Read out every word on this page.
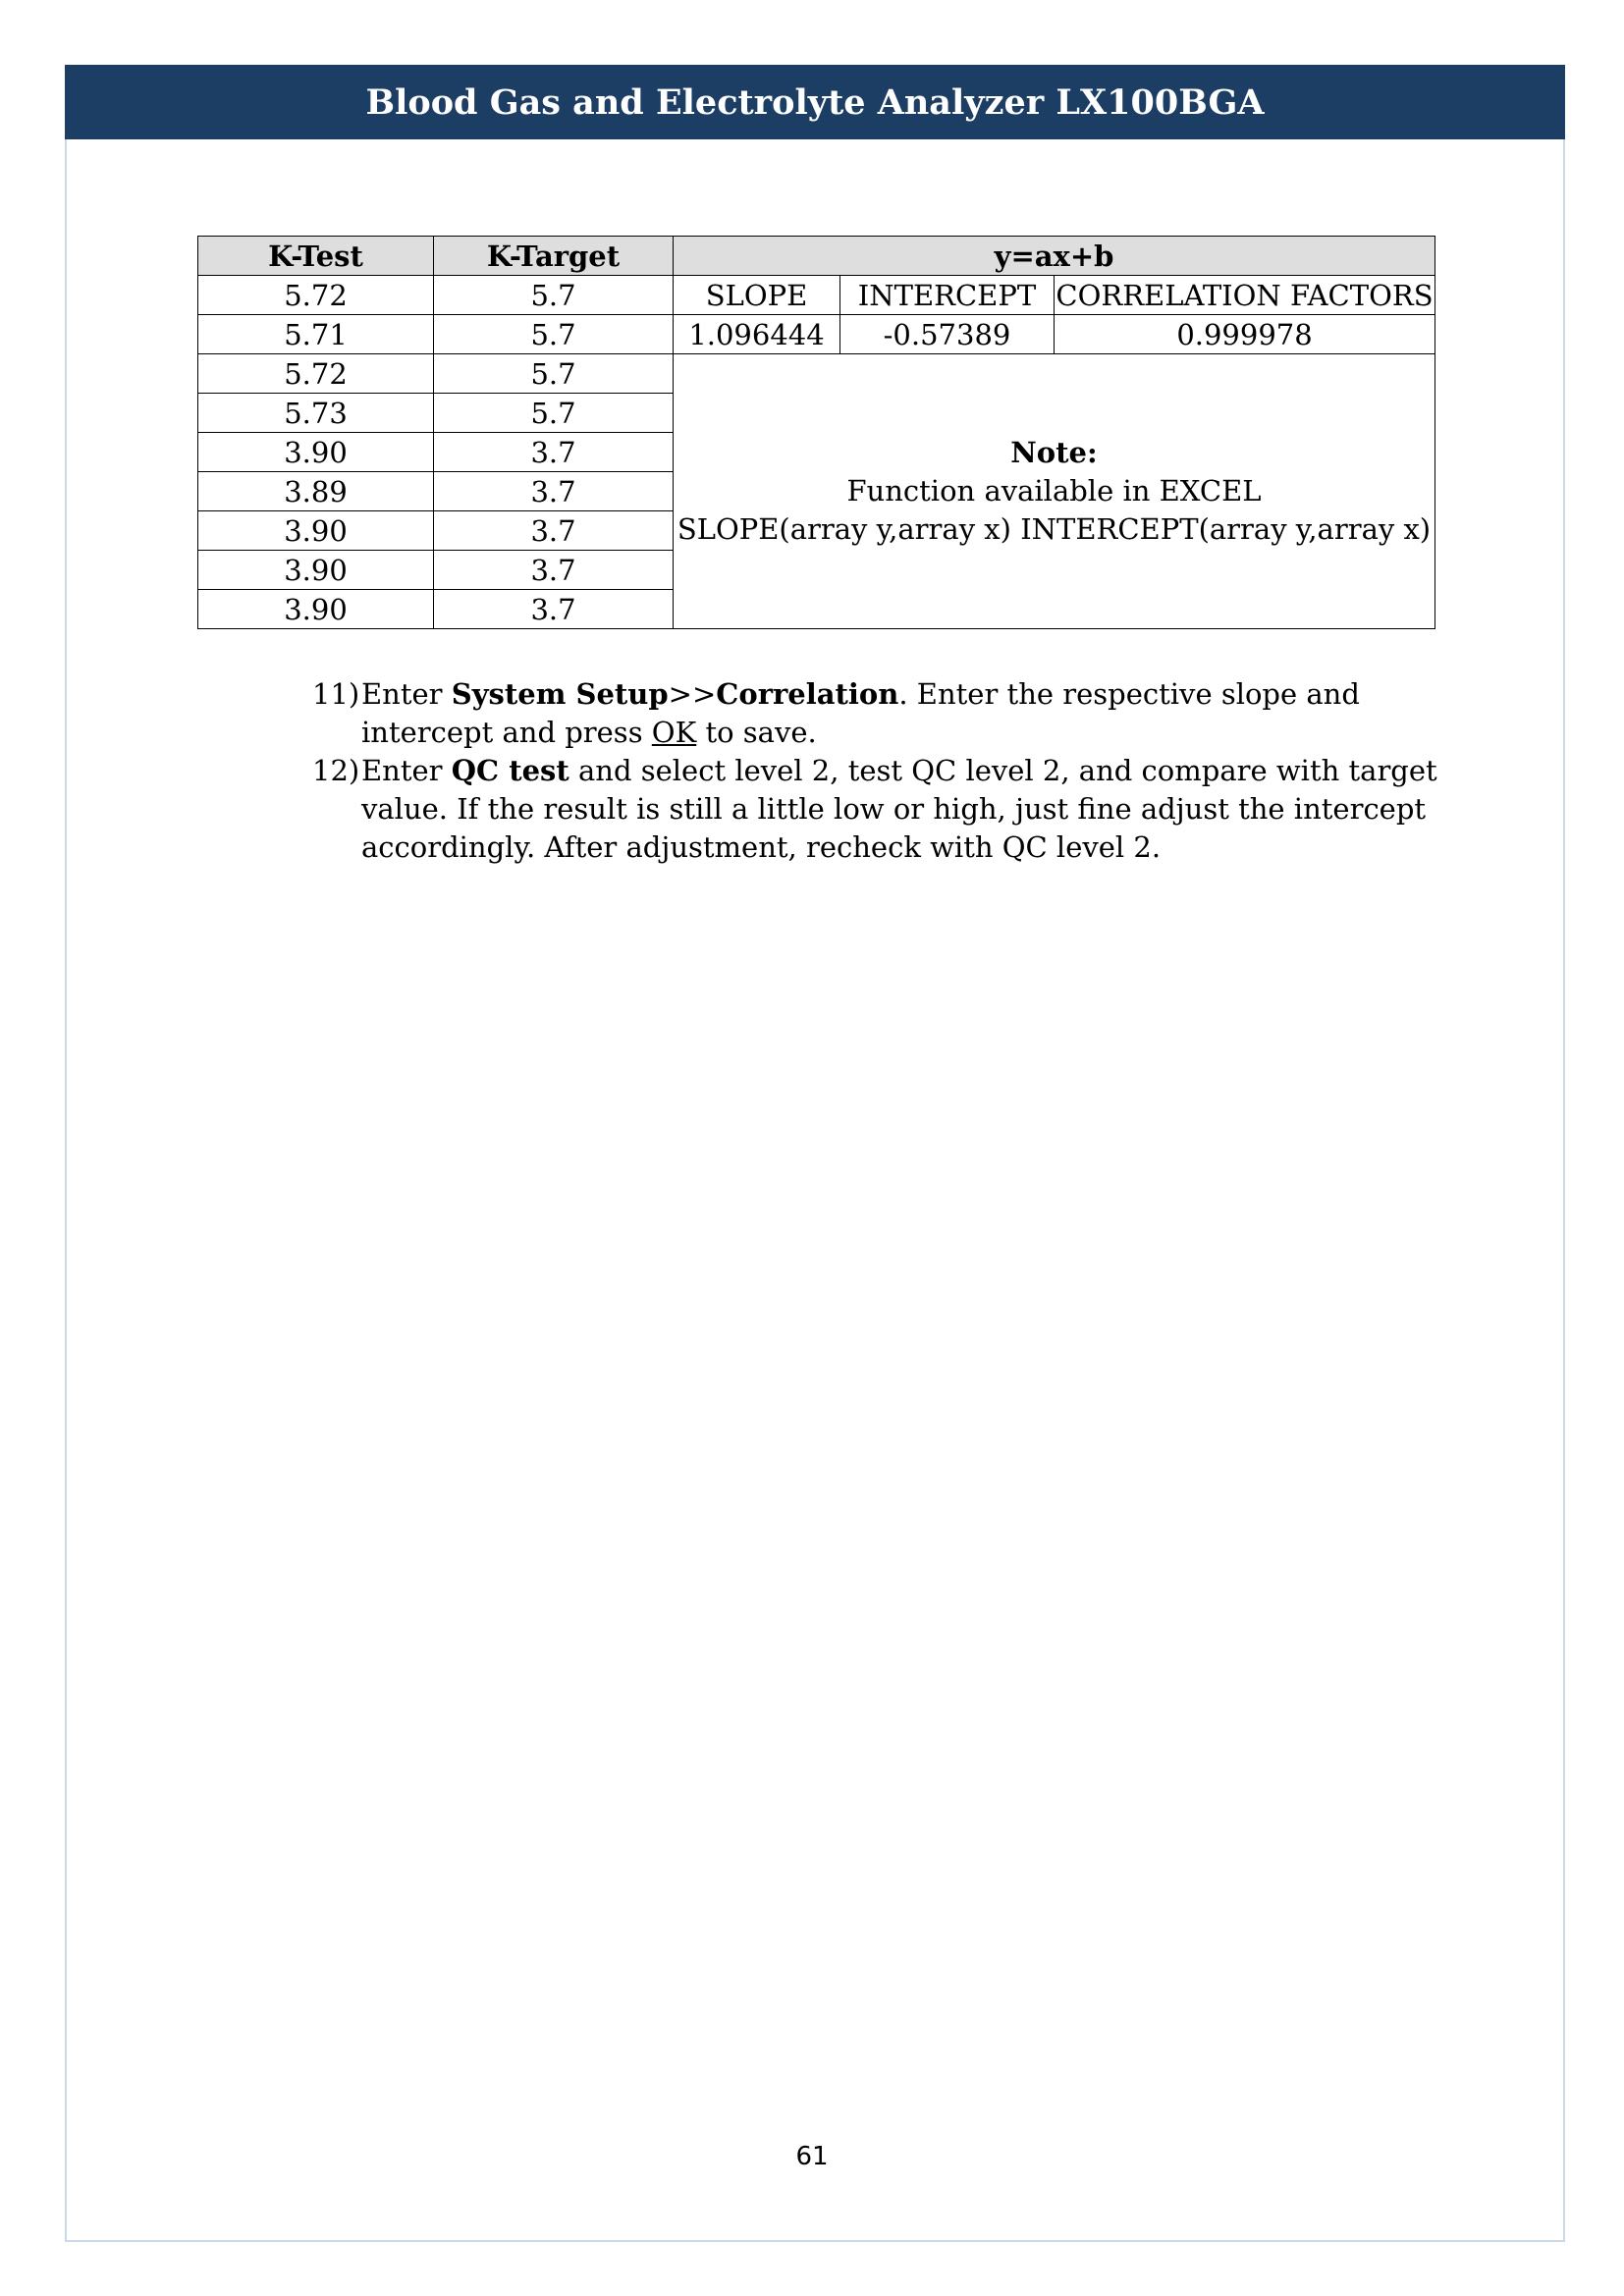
Blood Gas and Electrolyte Analyzer LX100BGA
K-Test	K-Target	y=ax+b		
5.72	5.7	SLOPE	INTERCEPT	CORRELATION FACTORS
5.71	5.7	1.096444	-0.57389	0.999978
5.72	5.7	Note:
Function available in EXCEL
SLOPE(array y,array x) INTERCEPT(array y,array x)		

5.73	5.7			
3.90	3.7			
3.89	3.7			
3.90	3.7			
3.90	3.7			
3.90	3.7			

11) Enter System Setup>>Correlation. Enter the respective slope and intercept and press OK to save.

12) Enter QC test and select level 2, test QC level 2, and compare with target value. If the result is still a little low or high, just fine adjust the intercept accordingly. After adjustment, recheck with QC level 2.

61
